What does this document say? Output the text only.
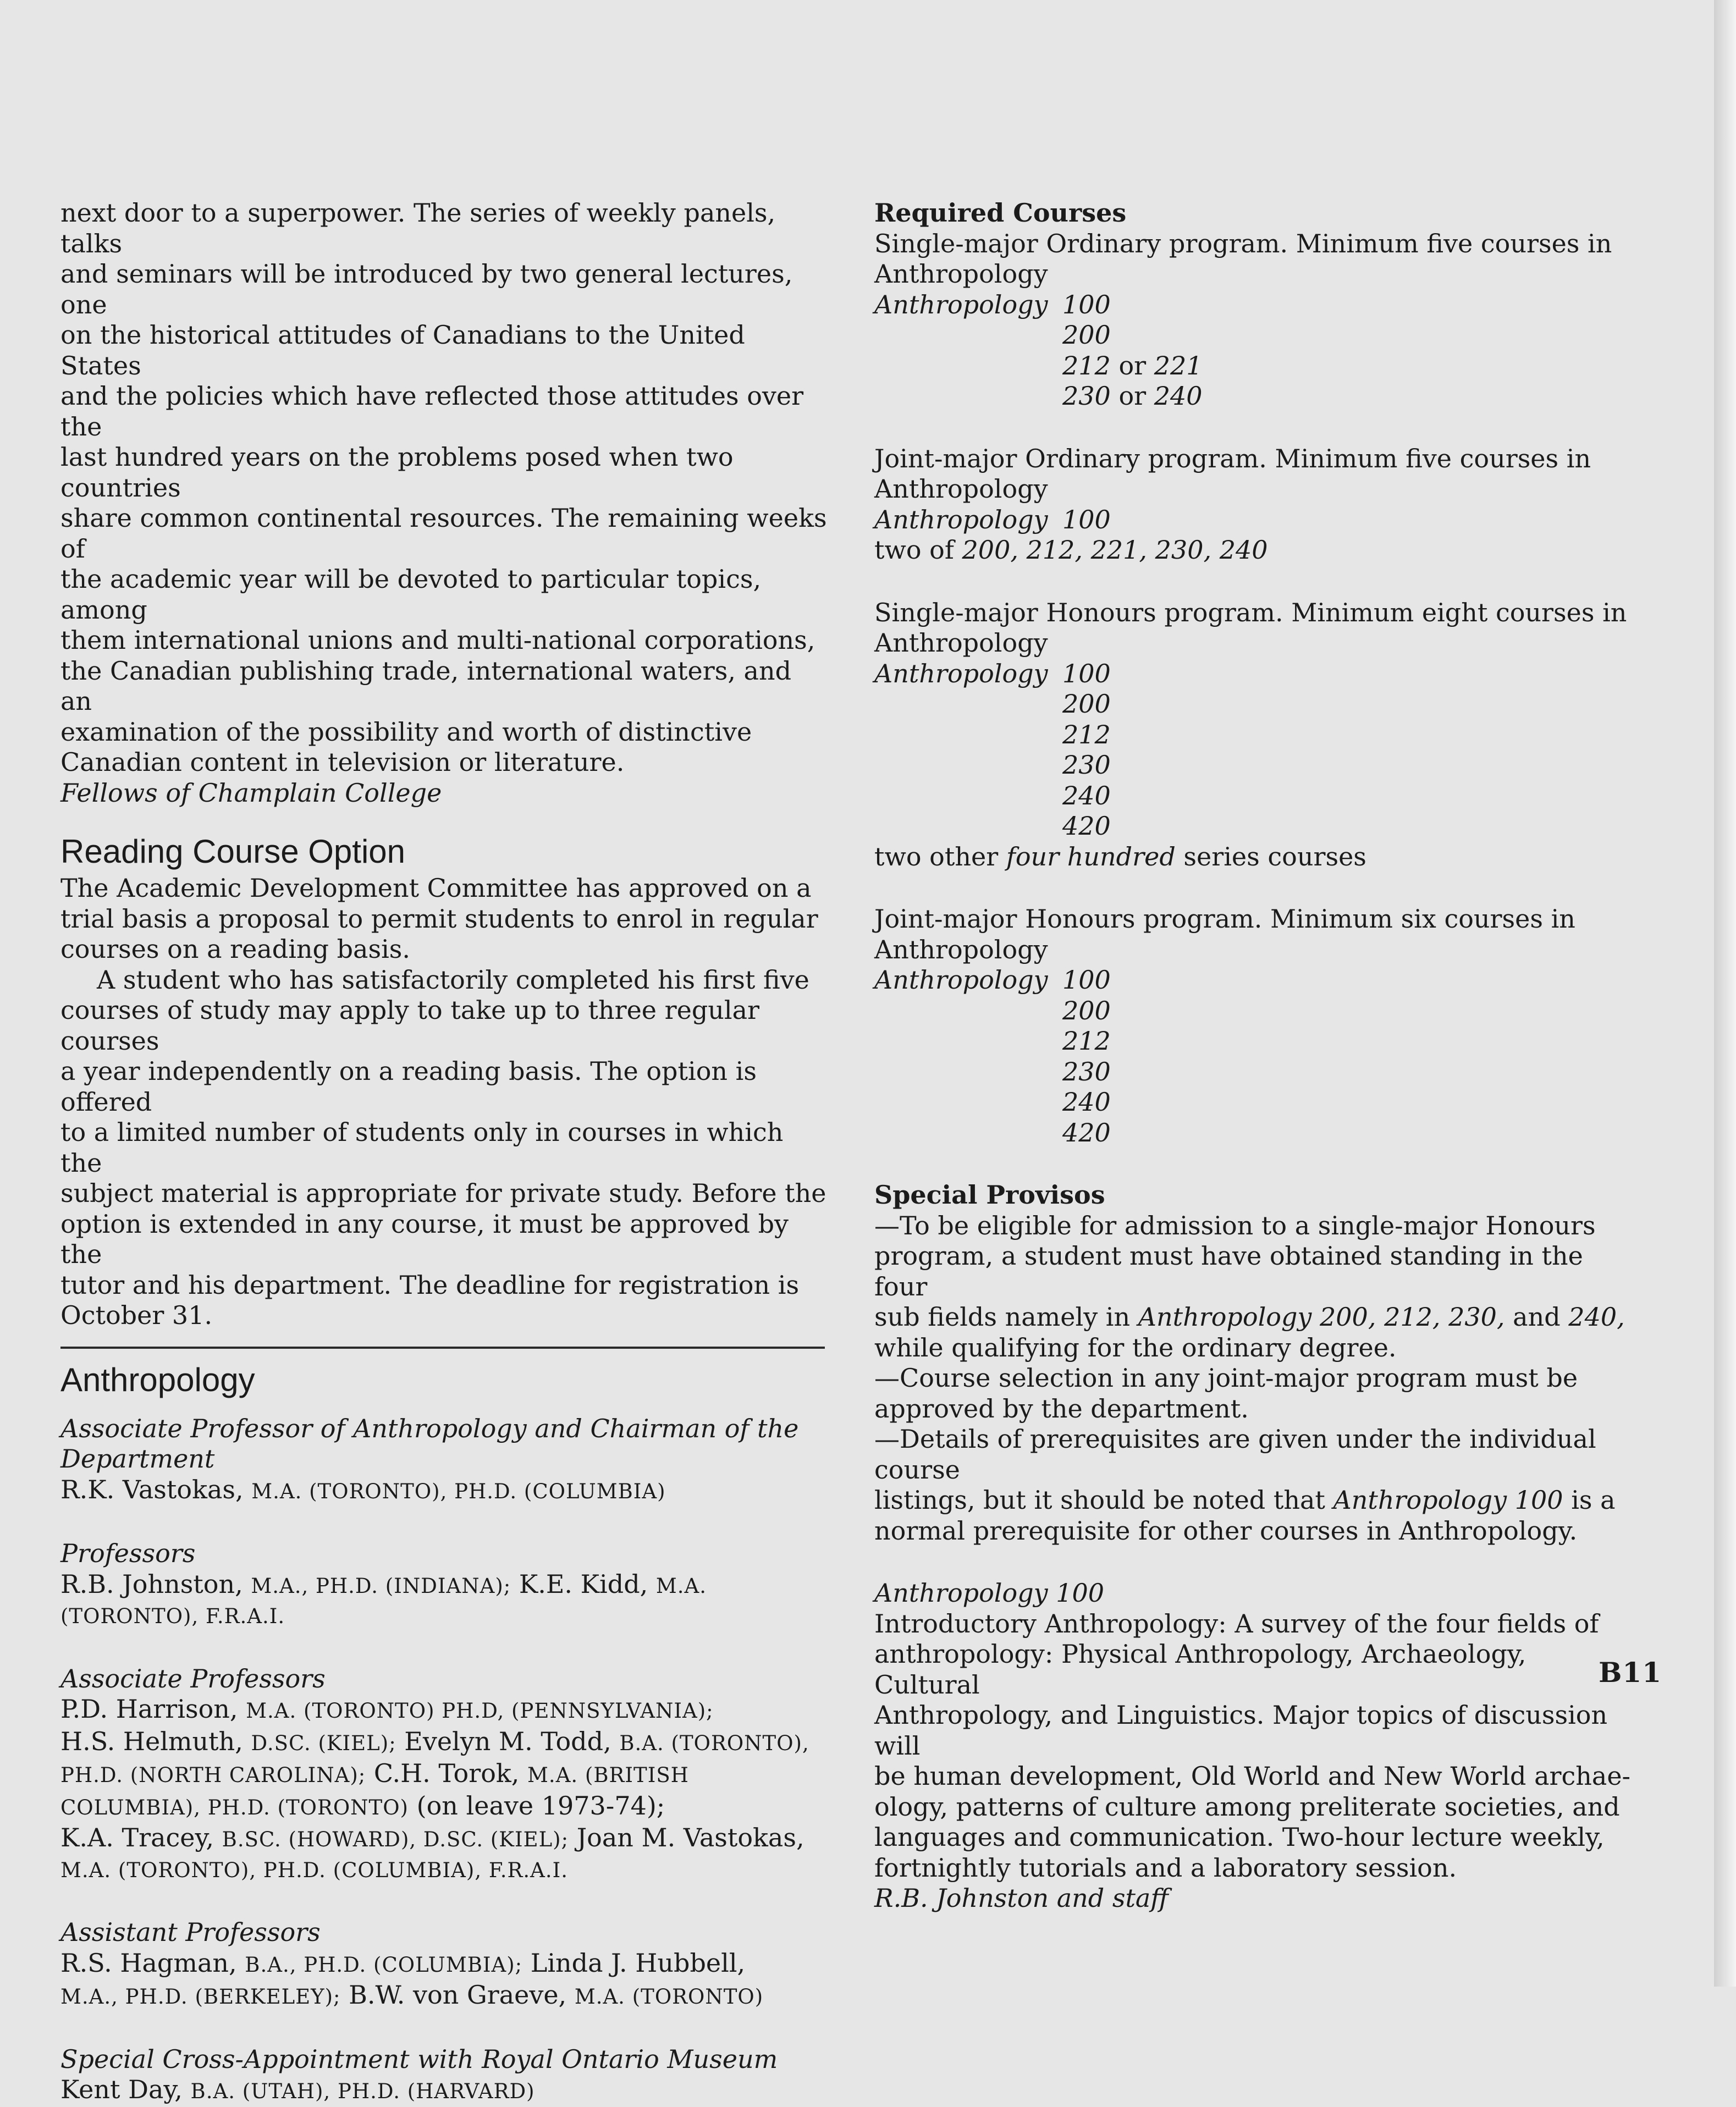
next door to a superpower. The series of weekly panels, talks

and seminars will be introduced by two general lectures, one

on the historical attitudes of Canadians to the United States

and the policies which have reflected those attitudes over the

last hundred years on the problems posed when two countries

share common continental resources. The remaining weeks of

the academic year will be devoted to particular topics, among

them international unions and multi-national corporations,

the Canadian publishing trade, international waters, and an

examination of the possibility and worth of distinctive

Canadian content in television or literature.

Fellows of Champlain College

Reading Course Option

The Academic Development Committee has approved on a

trial basis a proposal to permit students to enrol in regular

courses on a reading basis.

A student who has satisfactorily completed his first five

courses of study may apply to take up to three regular courses

a year independently on a reading basis. The option is offered

to a limited number of students only in courses in which the

subject material is appropriate for private study. Before the

option is extended in any course, it must be approved by the

tutor and his department. The deadline for registration is

October 31.

Anthropology

Associate Professor of Anthropology and Chairman of the

Department

R.K. Vastokas, M.A. (TORONTO), PH.D. (COLUMBIA)

Professors

R.B. Johnston, M.A., PH.D. (INDIANA); K.E. Kidd, M.A.

(TORONTO), F.R.A.I.

Associate Professors

P.D. Harrison, M.A. (TORONTO) PH.D, (PENNSYLVANIA);

H.S. Helmuth, D.SC. (KIEL); Evelyn M. Todd, B.A. (TORONTO),

PH.D. (NORTH CAROLINA); C.H. Torok, M.A. (BRITISH

COLUMBIA), PH.D. (TORONTO) (on leave 1973-74);

K.A. Tracey, B.SC. (HOWARD), D.SC. (KIEL); Joan M. Vastokas,

M.A. (TORONTO), PH.D. (COLUMBIA), F.R.A.I.

Assistant Professors

R.S. Hagman, B.A., PH.D. (COLUMBIA); Linda J. Hubbell,

M.A., PH.D. (BERKELEY); B.W. von Graeve, M.A. (TORONTO)

Special Cross-Appointment with Royal Ontario Museum

Kent Day, B.A. (UTAH), PH.D. (HARVARD)

Required Courses

Single-major Ordinary program. Minimum five courses in

Anthropology

Anthropology 100
200
212 or 221
230 or 240

Joint-major Ordinary program. Minimum five courses in

Anthropology

Anthropology 100

two of 200, 212, 221, 230, 240

Single-major Honours program. Minimum eight courses in

Anthropology

Anthropology 100
200
212
230
240
420

two other four hundred series courses

Joint-major Honours program. Minimum six courses in

Anthropology

Anthropology 100
200
212
230
240
420

Special Provisos

—To be eligible for admission to a single-major Honours

program, a student must have obtained standing in the four

sub fields namely in Anthropology 200, 212, 230, and 240,

while qualifying for the ordinary degree.

—Course selection in any joint-major program must be

approved by the department.

—Details of prerequisites are given under the individual course

listings, but it should be noted that Anthropology 100 is a

normal prerequisite for other courses in Anthropology.

Anthropology 100

Introductory Anthropology: A survey of the four fields of

anthropology: Physical Anthropology, Archaeology, Cultural

Anthropology, and Linguistics. Major topics of discussion will

be human development, Old World and New World archae-

ology, patterns of culture among preliterate societies, and

languages and communication. Two-hour lecture weekly,

fortnightly tutorials and a laboratory session.

R.B. Johnston and staff

B11
